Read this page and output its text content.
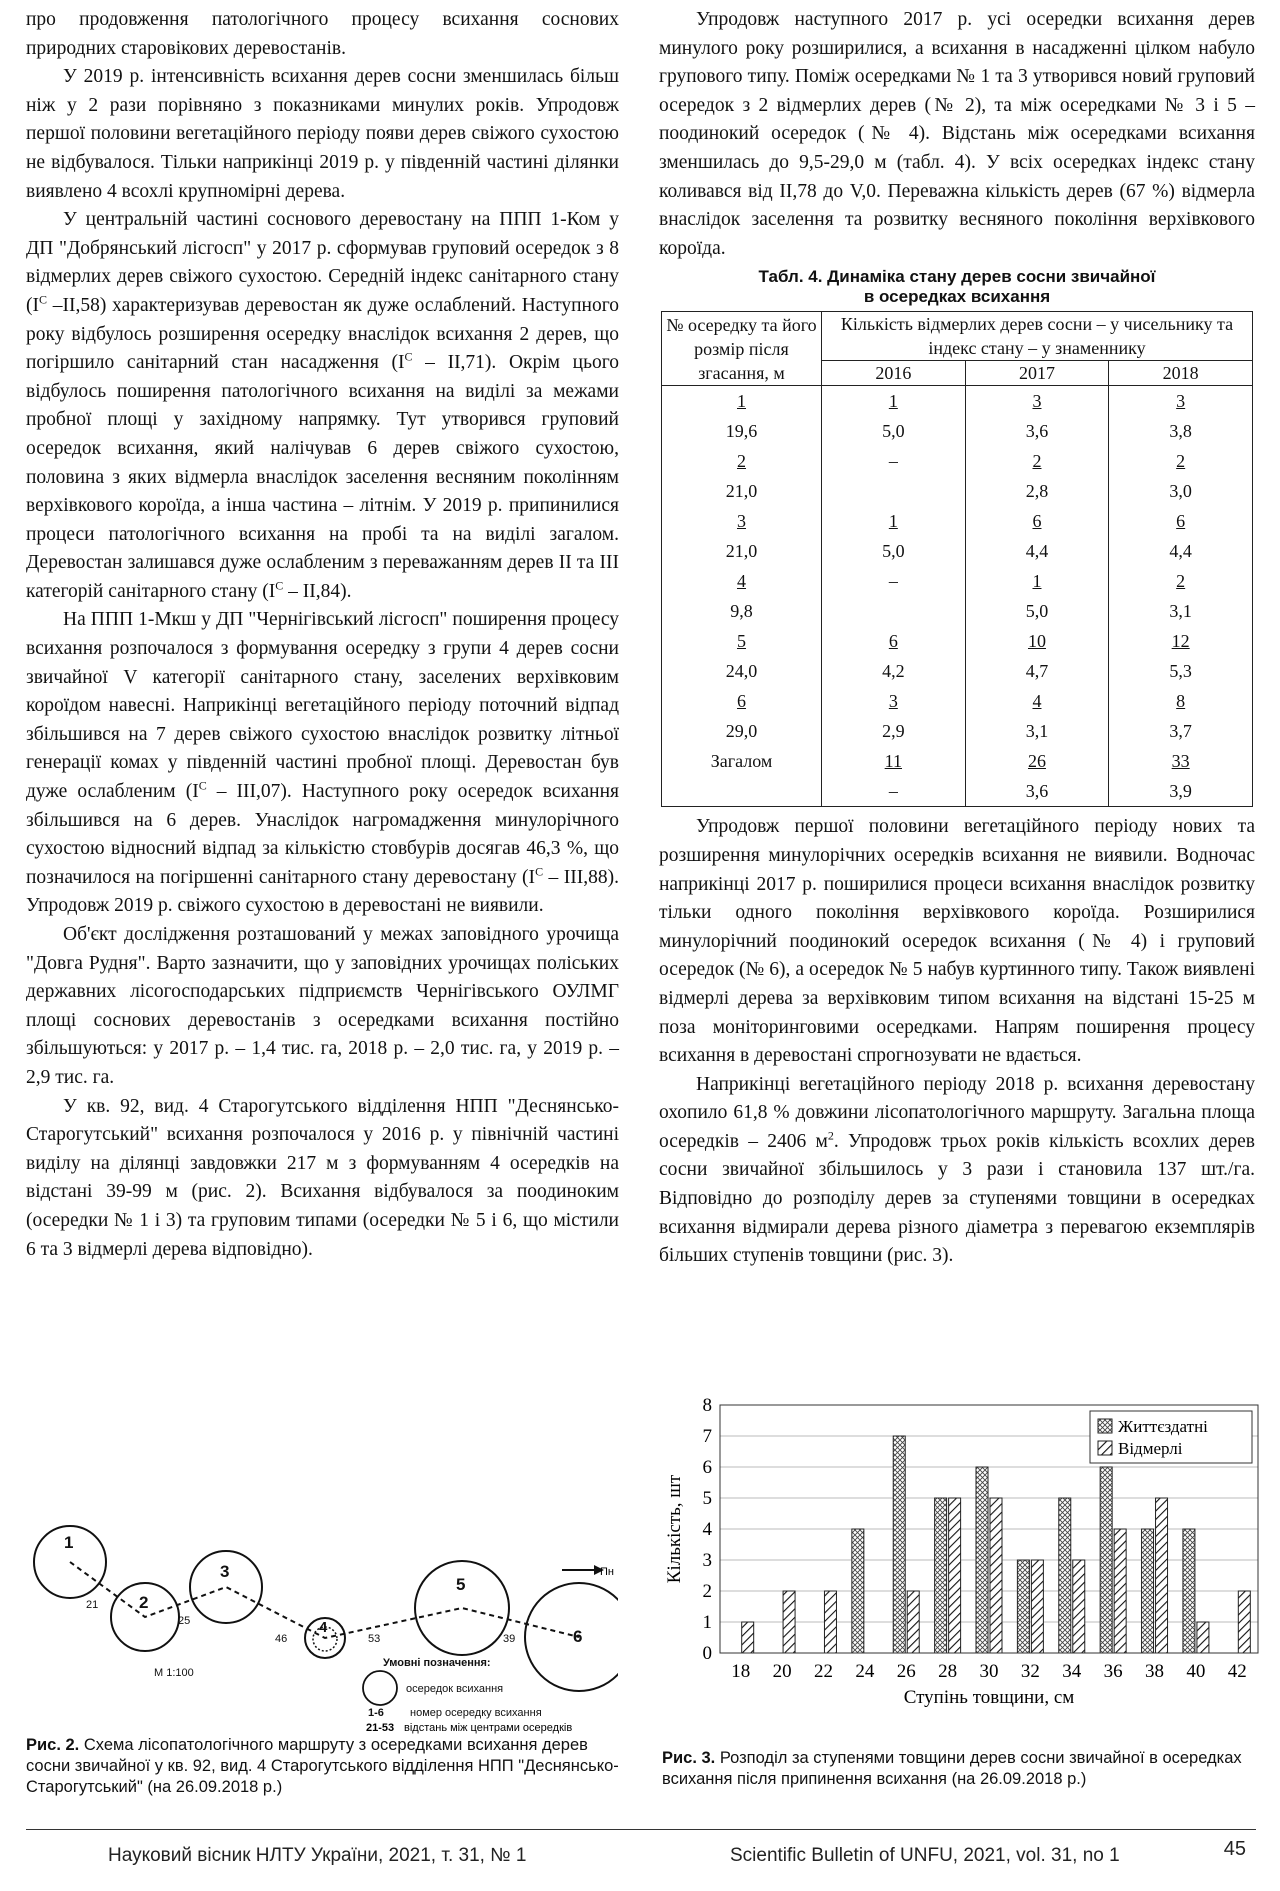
про продовження патологічного процесу всихання соснових природних старовікових деревостанів.

У 2019 р. інтенсивність всихання дерев сосни зменшилась більш ніж у 2 рази порівняно з показниками минулих років. Упродовж першої половини вегетаційного періоду появи дерев свіжого сухостою не відбувалося. Тільки наприкінці 2019 р. у південній частині ділянки виявлено 4 всохлі крупномірні дерева.

У центральній частині соснового деревостану на ППП 1-Ком у ДП "Добрянський лісгосп" у 2017 р. сформував груповий осередок з 8 відмерлих дерев свіжого сухостою. Середній індекс санітарного стану ($I^C$ –II,58) характеризував деревостан як дуже ослаблений. Наступного року відбулось розширення осередку внаслідок всихання 2 дерев, що погіршило санітарний стан насадження $(I^C - II,71)$. Окрім цього відбулось поширення патологічного всихання на виділі за межами пробної площі у західному напрямку. Тут утворився груповий осередок всихання, який налічував 6 дерев свіжого сухостою, половина з яких відмерла внаслідок заселення весняним поколінням верхівкового короїда, а інша частина – літнім. У 2019 р. припинилися процеси патологічного всихання на пробі та на виділі загалом. Деревостан залишався дуже ослабленим з переважанням дерев II та III категорій санітарного стану $(I^C - II,84)$.

На ППП 1-Мкш у ДП "Чернігівський лісгосп" поширення процесу всихання розпочалося з формування осередку з групи 4 дерев сосни звичайної V категорії санітарного стану, заселених верхівковим короїдом навесні. Наприкінці вегетаційного періоду поточний відпад збільшився на 7 дерев свіжого сухостою внаслідок розвитку літньої генерації комах у південній частині пробної площі. Деревостан був дуже ослабленим $(I^C - III,07)$. Наступного року осередок всихання збільшився на 6 дерев. Унаслідок нагромадження минулорічного сухостою відносний відпад за кількістю стовбурів досягав 46,3 %, що позначилося на погіршенні санітарного стану деревостану $(I^C - III,88)$. Упродовж 2019 р. свіжого сухостою в деревостані не виявили.

Об'єкт дослідження розташований у межах заповідного урочища "Довга Рудня". Варто зазначити, що у заповідних урочищах поліських державних лісогосподарських підприємств Чернігівського ОУЛМГ площі соснових деревостанів з осередками всихання постійно збільшуються: у 2017 р. – 1,4 тис. га, 2018 р. – 2,0 тис. га, у 2019 р. – 2,9 тис. га.

У кв. 92, вид. 4 Старогутського відділення НПП "Деснянсько-Старогутський" всихання розпочалося у 2016 р. у північній частині виділу на ділянці завдовжки 217 м з формуванням 4 осередків на відстані 39-99 м (рис. 2). Всихання відбувалося за поодиноким (осередки № 1 і 3) та груповим типами (осередки № 5 і 6, що містили 6 та 3 відмерлі дерева відповідно).

1
2
3
4
5
6
21
25
46	53	39
Пн
М 1:100
Умовні позначення:
осередок всихання
1-6 номер осередку всихання
21-53 відстань між центрами осередків
Рис. 2. Схема лісопатологічного маршруту з осередками всихання дерев сосни звичайної у кв. 92, вид. 4 Старогутського відділення НПП "Деснянсько-Старогутський" (на 26.09.2018 р.)

Упродовж наступного 2017 р. усі осередки всихання дерев минулого року розширилися, а всихання в насадженні цілком набуло групового типу. Поміж осередками № 1 та 3 утворився новий груповий осередок з 2 відмерлих дерев (№ 2), та між осередками № 3 і 5 – поодинокий осередок (№ 4). Відстань між осередками всихання зменшилась до 9,5-29,0 м (табл. 4). У всіх осередках індекс стану коливався від II,78 до V,0. Переважна кількість дерев (67 %) відмерла внаслідок заселення та розвитку весняного покоління верхівкового короїда.

Табл. 4. Динаміка стану дерев сосни звичайної
в осередках всихання
№ осередку та його розмір після згасання, м	Кількість відмерлих дерев сосни – у чисельнику та індекс стану – у знаменнику		
	2016	2017	2018
1	1	3	3
19,6	5,0	3,6	3,8
2	–	2	2
21,0		2,8	3,0
3	1	6	6
21,0	5,0	4,4	4,4
4	–	1	2
9,8		5,0	3,1
5	6	10	12
24,0	4,2	4,7	5,3
6	3	4	8
29,0	2,9	3,1	3,7
Загалом	11	26	33
	–	3,6	3,9

Упродовж першої половини вегетаційного періоду нових та розширення минулорічних осередків всихання не виявили. Водночас наприкінці 2017 р. поширилися процеси всихання внаслідок розвитку тільки одного покоління верхівкового короїда. Розширилися минулорічний поодинокий осередок всихання (№ 4) і груповий осередок (№ 6), а осередок № 5 набув куртинного типу. Також виявлені відмерлі дерева за верхівковим типом всихання на відстані 15-25 м поза моніторинговими осередками. Напрям поширення процесу всихання в деревостані спрогнозувати не вдається.

Наприкінці вегетаційного періоду 2018 р. всихання деревостану охопило 61,8 % довжини лісопатологічного маршруту. Загальна площа осередків – 2406 $м^2$. Упродовж трьох років кількість всохлих дерев сосни звичайної збільшилось у 3 рази і становила 137 шт./га. Відповідно до розподілу дерев за ступенями товщини в осередках всихання відмирали дерева різного діаметра з перевагою екземплярів більших ступенів товщини (рис. 3).

0
1
2
3
4
5
6
7
8
18 20 22 24 26 28 30 32 34 36 38 40 42
Ступінь товщини, см
Кількість, шт
Життєздатні
Відмерлі
Рис. 3. Розподіл за ступенями товщини дерев сосни звичайної в осередках всихання після припинення всихання (на 26.09.2018 р.)
Науковий вісник НЛТУ України, 2021, т. 31, № 1	Scientific Bulletin of UNFU, 2021, vol. 31, no 1	45
